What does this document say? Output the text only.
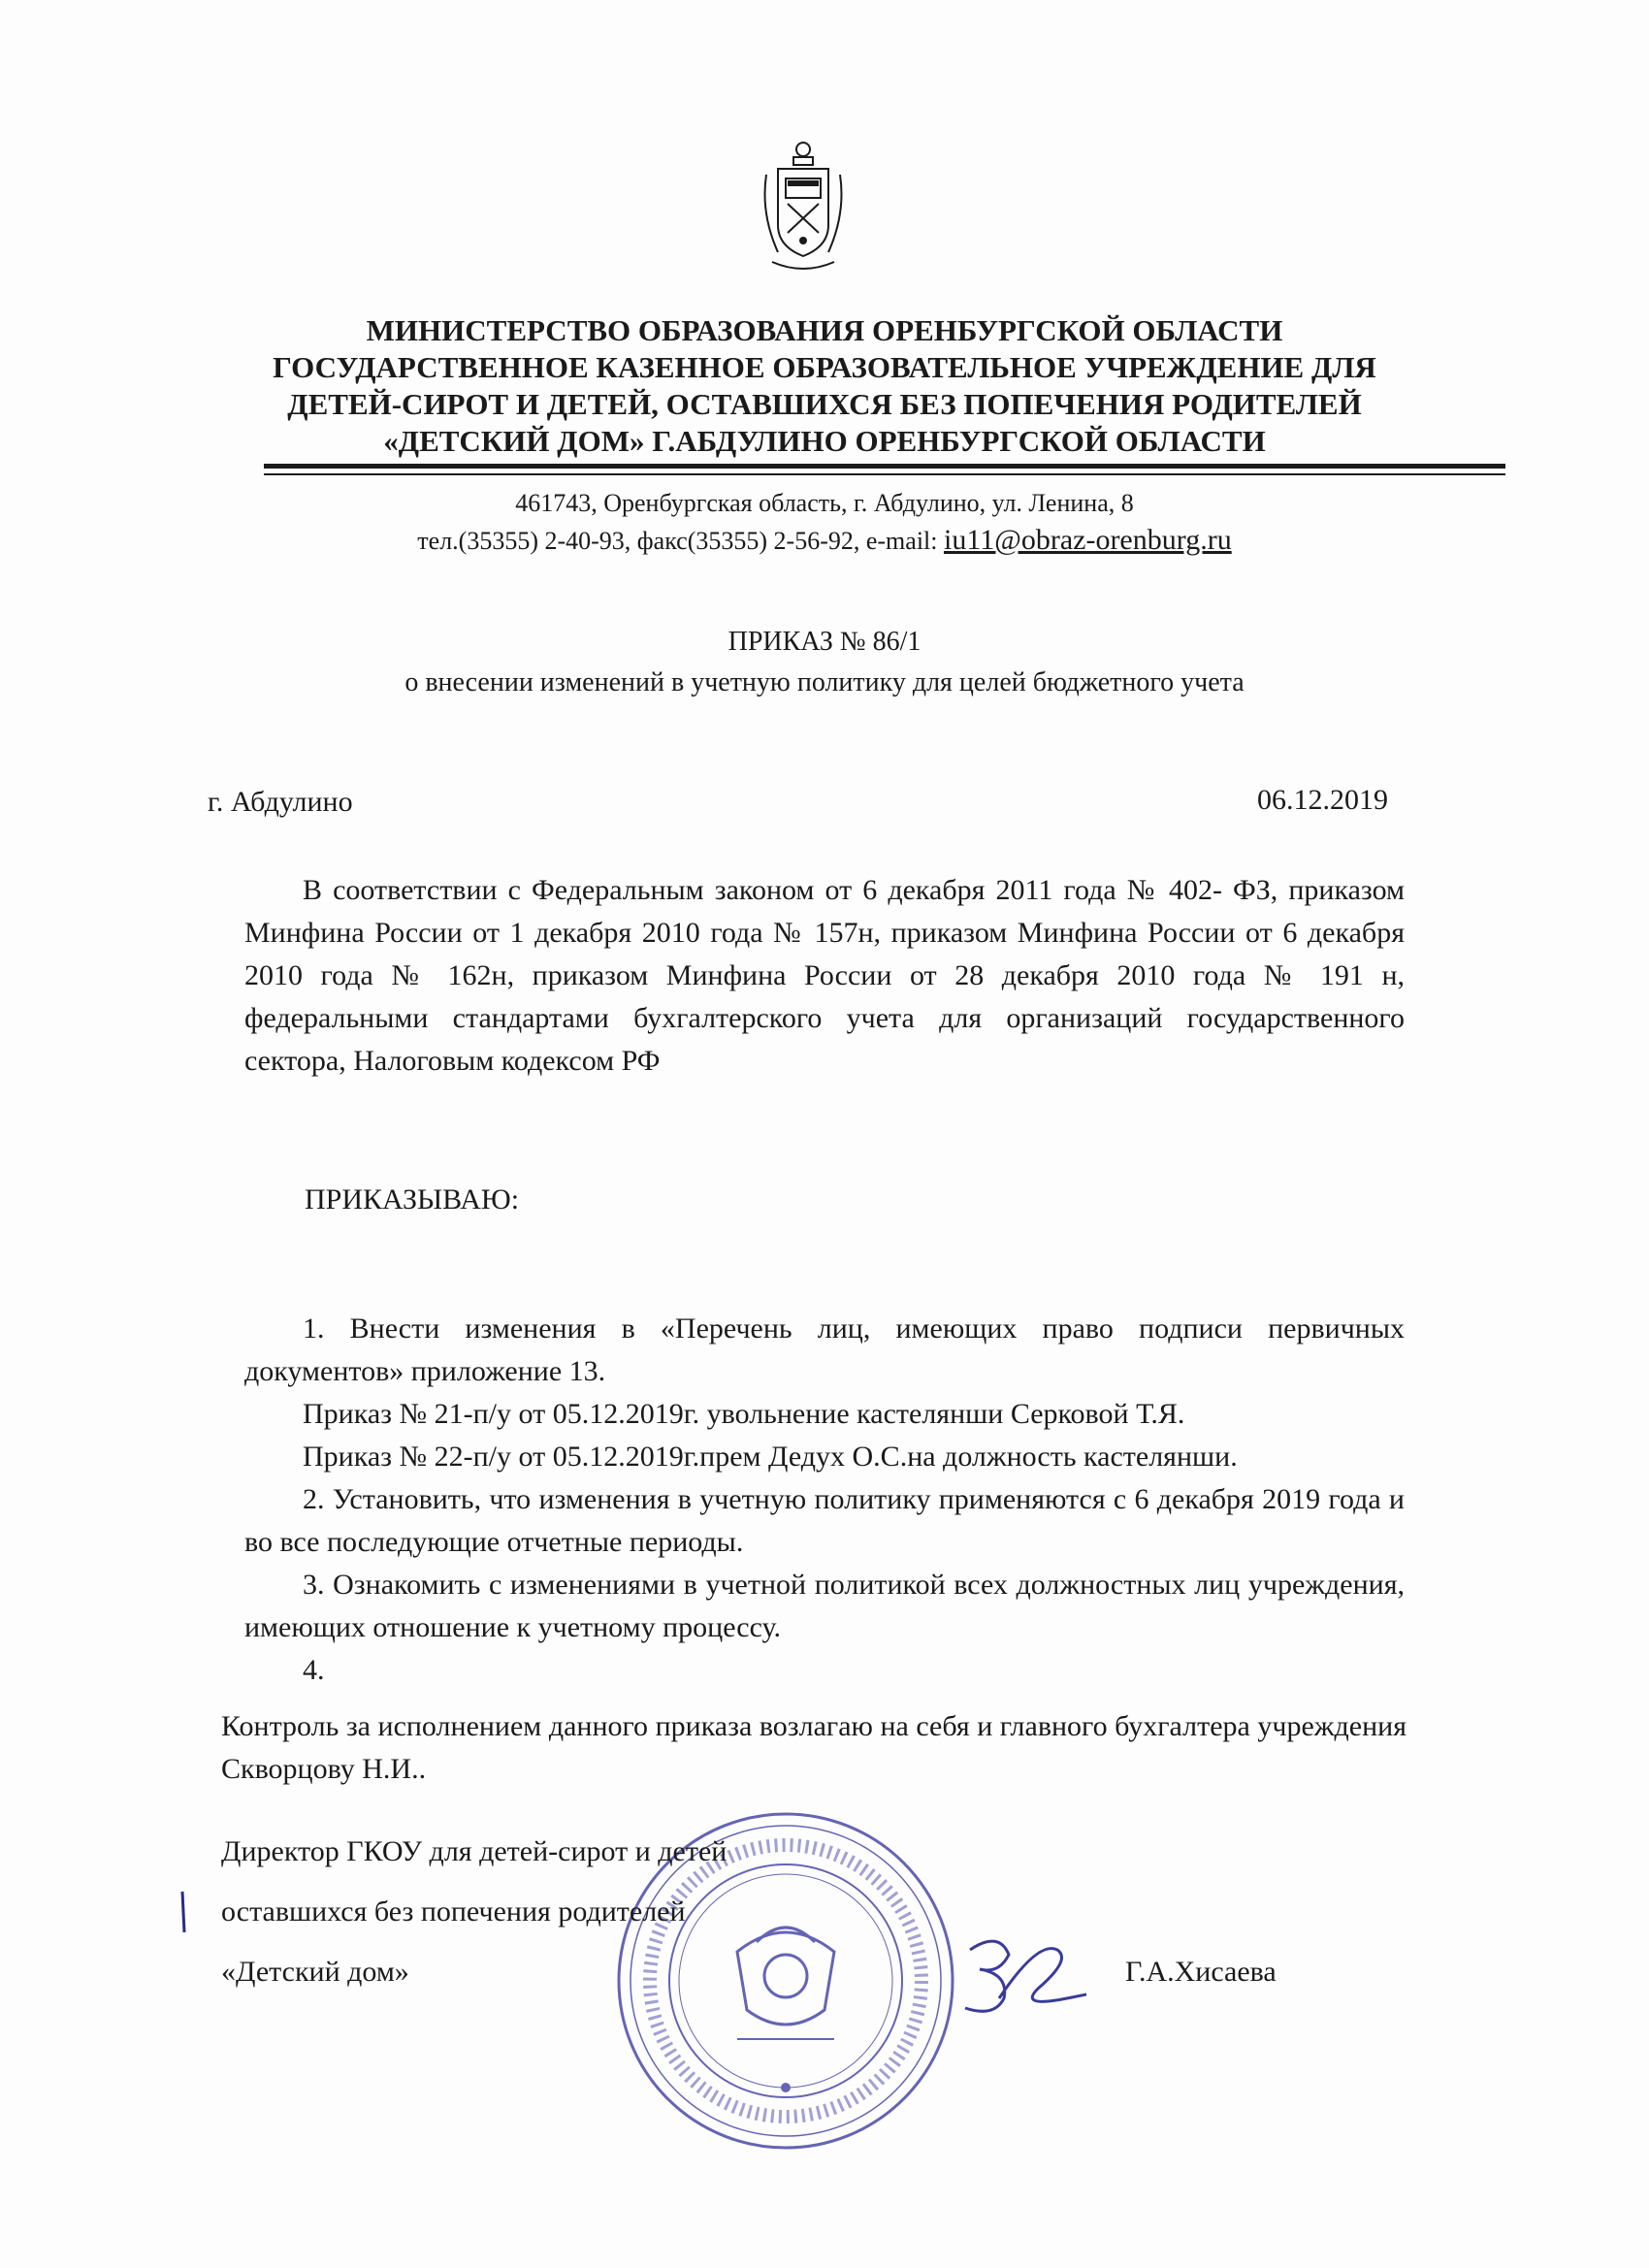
МИНИСТЕРСТВО ОБРАЗОВАНИЯ ОРЕНБУРГСКОЙ ОБЛАСТИ
ГОСУДАРСТВЕННОЕ КАЗЕННОЕ ОБРАЗОВАТЕЛЬНОЕ УЧРЕЖДЕНИЕ ДЛЯ
ДЕТЕЙ-СИРОТ И ДЕТЕЙ, ОСТАВШИХСЯ БЕЗ ПОПЕЧЕНИЯ РОДИТЕЛЕЙ
«ДЕТСКИЙ ДОМ» Г.АБДУЛИНО ОРЕНБУРГСКОЙ ОБЛАСТИ
461743, Оренбургская область, г. Абдулино, ул. Ленина, 8
тел.(35355) 2-40-93, факс(35355) 2-56-92, e-mail: iu11@obraz-orenburg.ru
ПРИКАЗ № 86/1
о внесении изменений в учетную политику для целей бюджетного учета
г. Абдулино	06.12.2019
В соответствии с Федеральным законом от 6 декабря 2011 года № 402- ФЗ, приказом Минфина России от 1 декабря 2010 года № 157н, приказом Минфина России от 6 декабря 2010 года № 162н, приказом Минфина России от 28 декабря 2010 года № 191 н, федеральными стандартами бухгалтерского учета для организаций государственного сектора, Налоговым кодексом РФ
ПРИКАЗЫВАЮ:

1. Внести изменения в «Перечень лиц, имеющих право подписи первичных документов» приложение 13.

Приказ № 21-п/у от 05.12.2019г. увольнение кастелянши Серковой Т.Я.

Приказ № 22-п/у от 05.12.2019г.прем Дедух О.С.на должность кастелянши.

2. Установить, что изменения в учетную политику применяются с 6 декабря 2019 года и во все последующие отчетные периоды.

3. Ознакомить с изменениями в учетной политикой всех должностных лиц учреждения, имеющих отношение к учетному процессу.

4.

Контроль за исполнением данного приказа возлагаю на себя и главного бухгалтера учреждения Скворцову Н.И..
Директор ГКОУ для детей-сирот и детей
оставшихся без попечения родителей
«Детский дом»	Г.А.Хисаева
